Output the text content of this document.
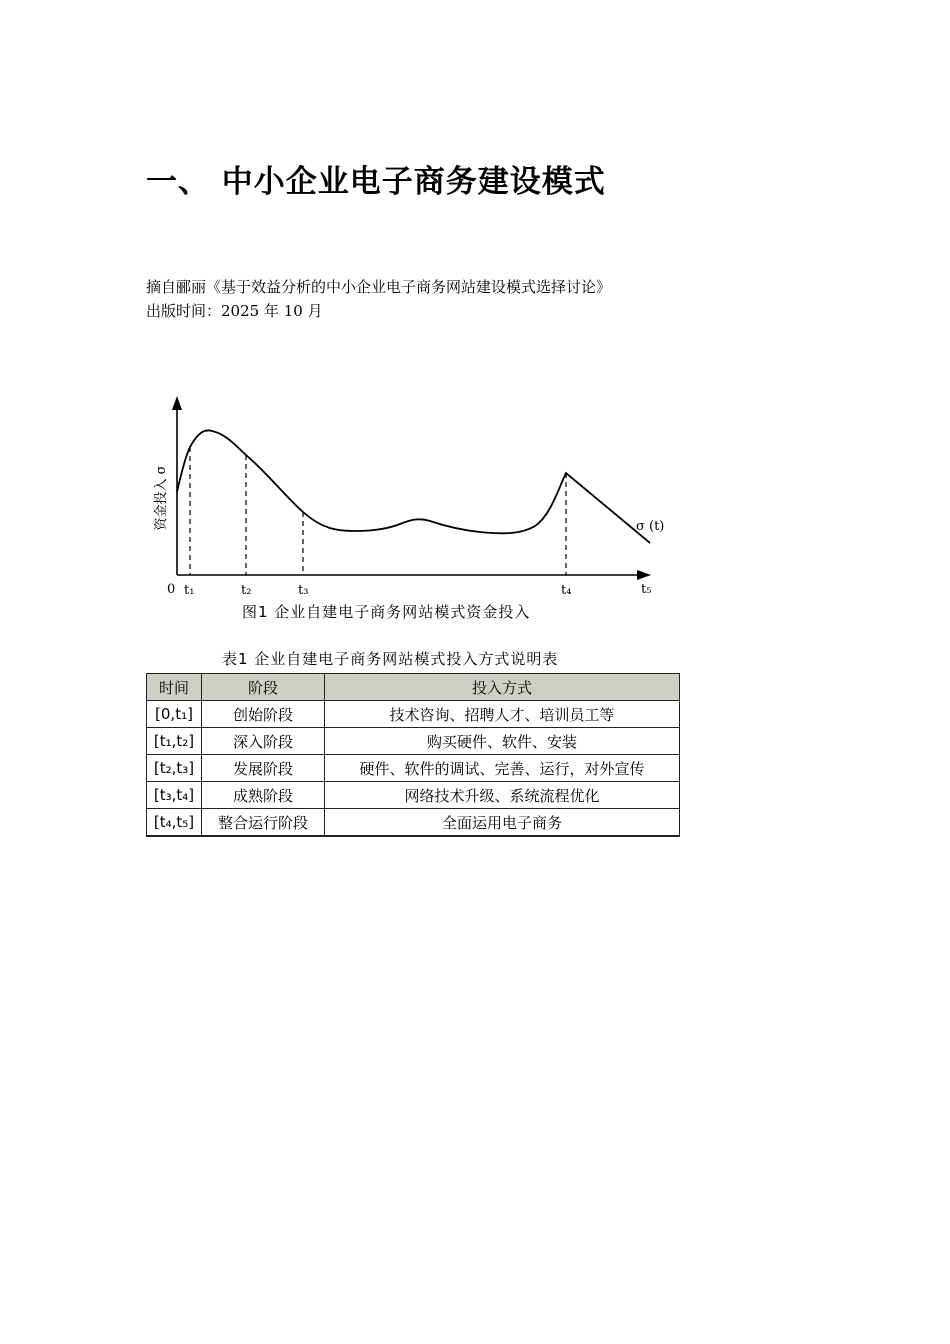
一、 中小企业电子商务建设模式
摘自郦丽《基于效益分析的中小企业电子商务网站建设模式选择讨论》
出版时间：2025 年 10 月
资金投入 σ	σ (t)
0 t₁	t₂	t₃	t₄	t₅
图1 企业自建电子商务网站模式资金投入
表1 企业自建电子商务网站模式投入方式说明表
时间	阶段	投入方式
[0,t₁]	创始阶段	技术咨询、招聘人才、培训员工等
[t₁,t₂]	深入阶段	购买硬件、软件、安装
[t₂,t₃]	发展阶段	硬件、软件的调试、完善、运行，对外宣传
[t₃,t₄]	成熟阶段	网络技术升级、系统流程优化
[t₄,t₅]	整合运行阶段	全面运用电子商务
